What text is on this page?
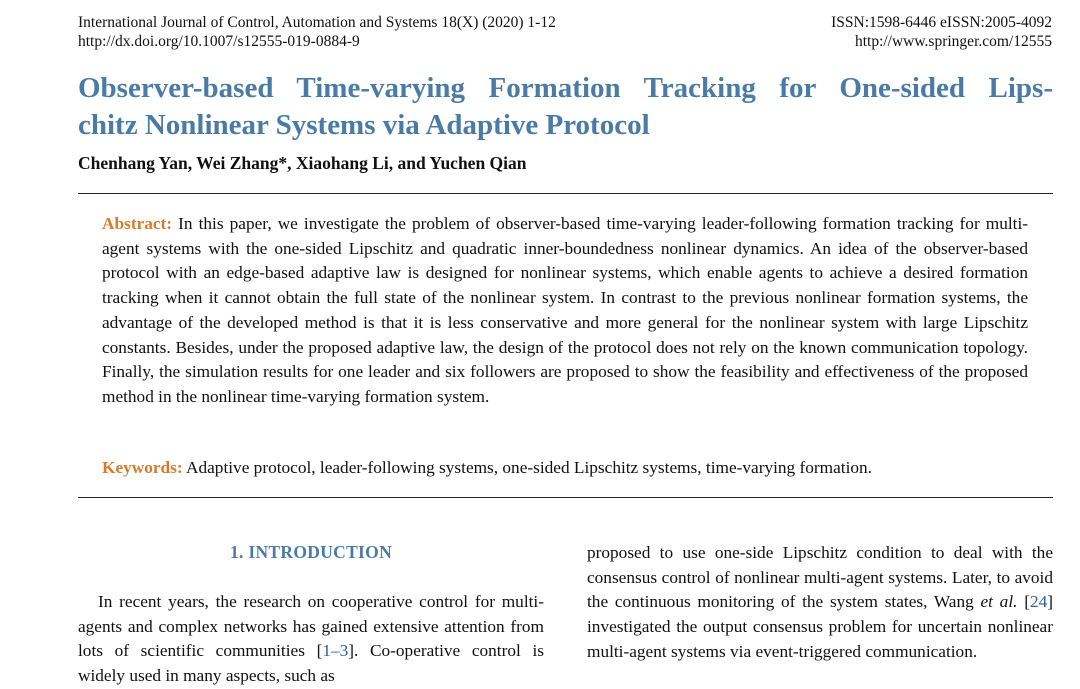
International Journal of Control, Automation and Systems 18(X) (2020) 1-12
http://dx.doi.org/10.1007/s12555-019-0884-9
ISSN:1598-6446 eISSN:2005-4092
http://www.springer.com/12555
Observer-based Time-varying Formation Tracking for One-sided Lips-
chitz Nonlinear Systems via Adaptive Protocol
Chenhang Yan, Wei Zhang*, Xiaohang Li, and Yuchen Qian
Abstract: In this paper, we investigate the problem of observer-based time-varying leader-following formation tracking for multi-agent systems with the one-sided Lipschitz and quadratic inner-boundedness nonlinear dynamics. An idea of the observer-based protocol with an edge-based adaptive law is designed for nonlinear systems, which enable agents to achieve a desired formation tracking when it cannot obtain the full state of the nonlinear system. In contrast to the previous nonlinear formation systems, the advantage of the developed method is that it is less conservative and more general for the nonlinear system with large Lipschitz constants. Besides, under the proposed adaptive law, the design of the protocol does not rely on the known communication topology. Finally, the simulation results for one leader and six followers are proposed to show the feasibility and effectiveness of the proposed method in the nonlinear time-varying formation system.
Keywords: Adaptive protocol, leader-following systems, one-sided Lipschitz systems, time-varying formation.
1. INTRODUCTION

In recent years, the research on cooperative control for multi-agents and complex networks has gained extensive attention from lots of scientific communities [1–3]. Co-operative control is widely used in many aspects, such as

proposed to use one-side Lipschitz condition to deal with the consensus control of nonlinear multi-agent systems. Later, to avoid the continuous monitoring of the system states, Wang et al. [24] investigated the output consensus problem for uncertain nonlinear multi-agent systems via event-triggered communication.
